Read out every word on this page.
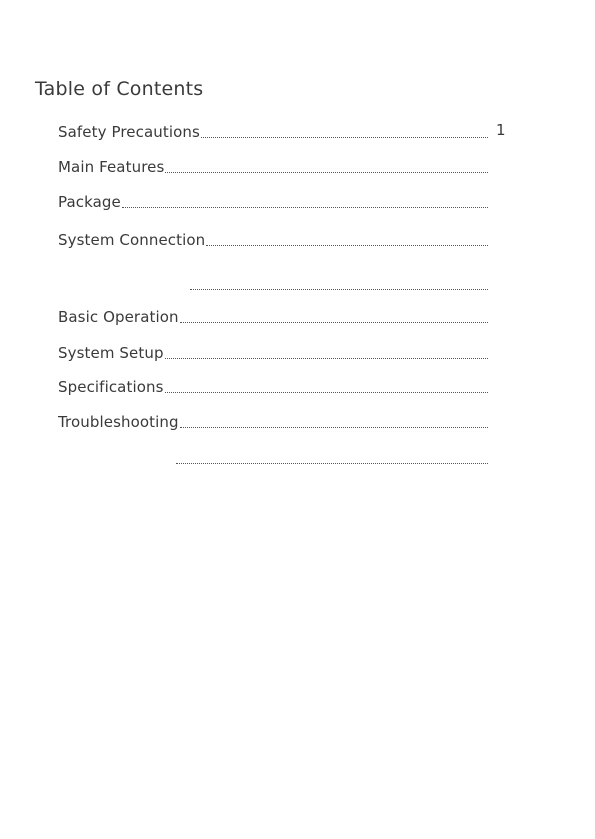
Table of Contents
Safety Precautions	1
Main Features
Package
System Connection
Basic Operation
System Setup
Specifications
Troubleshooting
